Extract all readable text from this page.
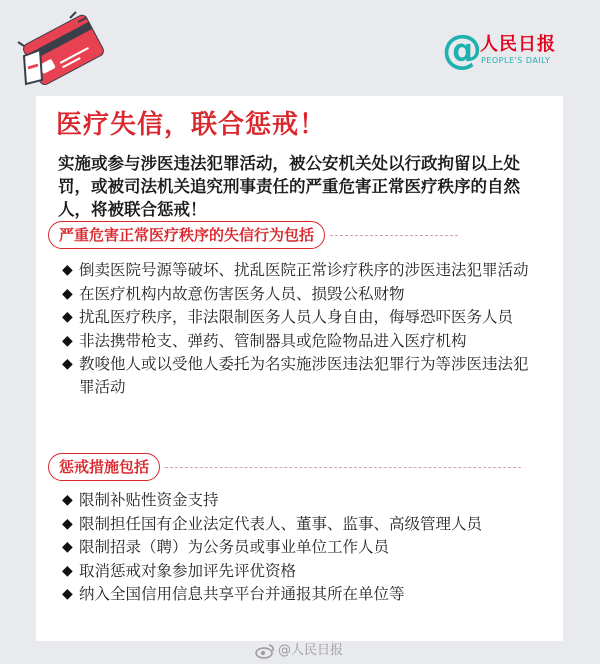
@
人民日报
PEOPLE'S DAILY
医疗失信，联合惩戒！

实施或参与涉医违法犯罪活动，被公安机关处以行政拘留以上处罚，或被司法机关追究刑事责任的严重危害正常医疗秩序的自然人，将被联合惩戒！

严重危害正常医疗秩序的失信行为包括
◆ 倒卖医院号源等破坏、扰乱医院正常诊疗秩序的涉医违法犯罪活动
◆ 在医疗机构内故意伤害医务人员、损毁公私财物
◆ 扰乱医疗秩序，非法限制医务人员人身自由，侮辱恐吓医务人员
◆ 非法携带枪支、弹药、管制器具或危险物品进入医疗机构
◆ 教唆他人或以受他人委托为名实施涉医违法犯罪行为等涉医违法犯罪活动
惩戒措施包括
◆ 限制补贴性资金支持
◆ 限制担任国有企业法定代表人、董事、监事、高级管理人员
◆ 限制招录（聘）为公务员或事业单位工作人员
◆ 取消惩戒对象参加评先评优资格
◆ 纳入全国信用信息共享平台并通报其所在单位等
@人民日报
